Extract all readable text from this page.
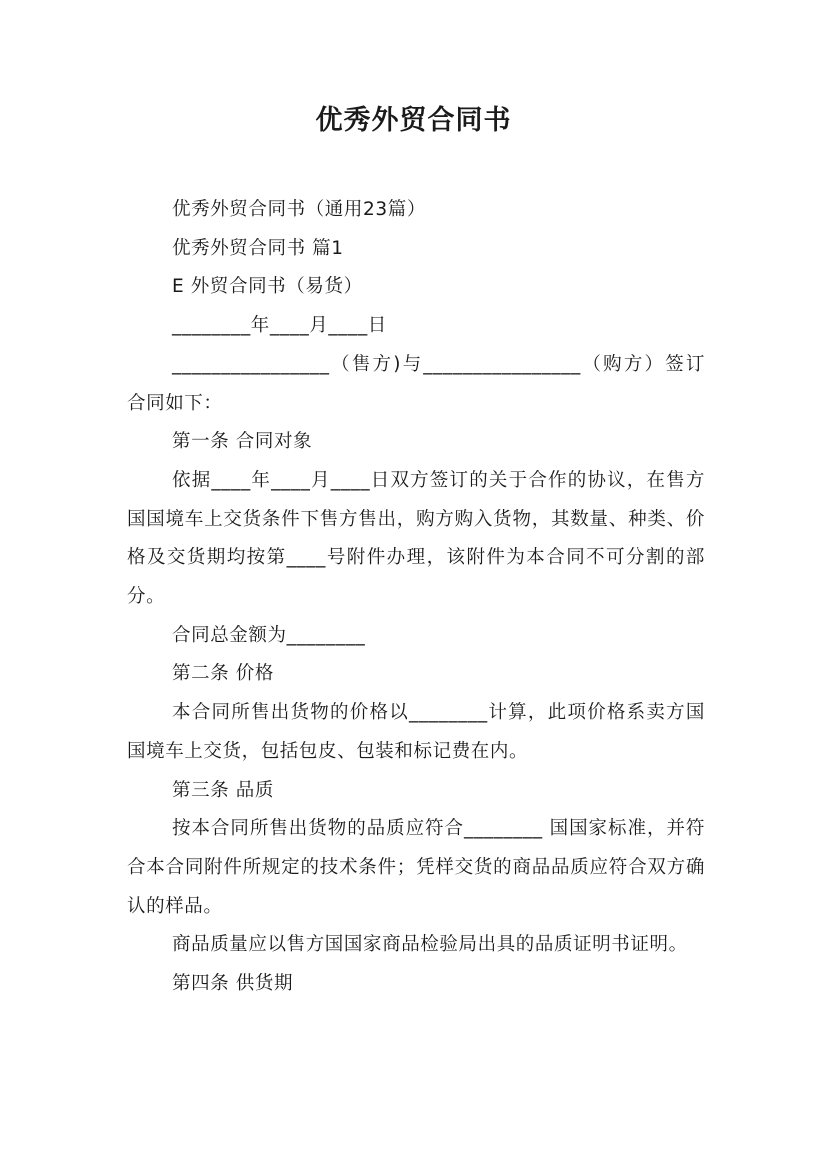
优秀外贸合同书

优秀外贸合同书（通用23篇）

优秀外贸合同书 篇1

E 外贸合同书（易货）

________年____月____日

________________（售方)与________________（购方）签订合同如下：

第一条 合同对象

依据____年____月____日双方签订的关于合作的协议，在售方国国境车上交货条件下售方售出，购方购入货物，其数量、种类、价格及交货期均按第____号附件办理，该附件为本合同不可分割的部分。

合同总金额为________

第二条 价格

本合同所售出货物的价格以________计算，此项价格系卖方国国境车上交货，包括包皮、包装和标记费在内。

第三条 品质

按本合同所售出货物的品质应符合________ 国国家标准，并符合本合同附件所规定的技术条件；凭样交货的商品品质应符合双方确认的样品。

商品质量应以售方国国家商品检验局出具的品质证明书证明。

第四条 供货期
